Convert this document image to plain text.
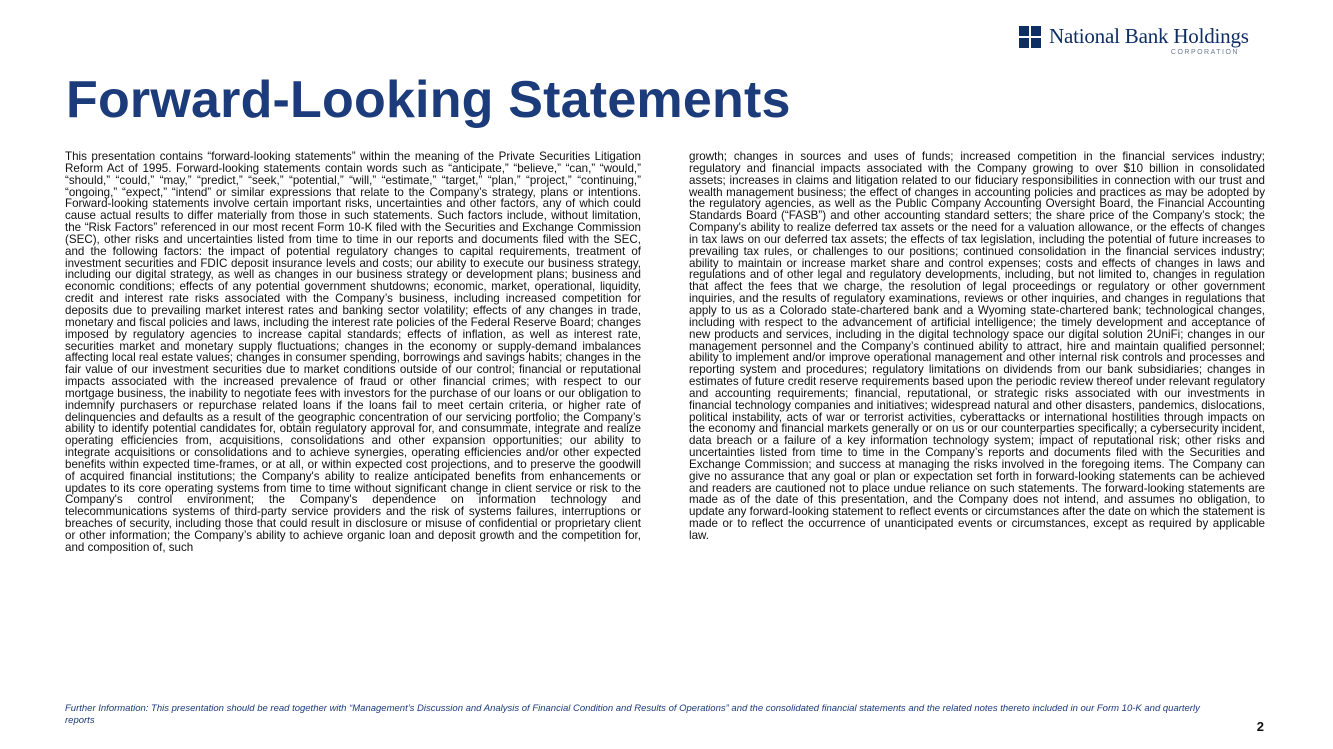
National Bank Holdings
CORPORATION
Forward-Looking Statements
This presentation contains “forward-looking statements” within the meaning of the Private Securities Litigation Reform Act of 1995. Forward-looking statements contain words such as “anticipate,” “believe,” “can,” “would,” “should,” “could,” “may,” “predict,” “seek,” “potential,” “will,” “estimate,” “target,” “plan,” “project,” “continuing,” “ongoing,” “expect,” “intend” or similar expressions that relate to the Company’s strategy, plans or intentions. Forward-looking statements involve certain important risks, uncertainties and other factors, any of which could cause actual results to differ materially from those in such statements. Such factors include, without limitation, the “Risk Factors” referenced in our most recent Form 10-K filed with the Securities and Exchange Commission (SEC), other risks and uncertainties listed from time to time in our reports and documents filed with the SEC, and the following factors: the impact of potential regulatory changes to capital requirements, treatment of investment securities and FDIC deposit insurance levels and costs; our ability to execute our business strategy, including our digital strategy, as well as changes in our business strategy or development plans; business and economic conditions; effects of any potential government shutdowns; economic, market, operational, liquidity, credit and interest rate risks associated with the Company’s business, including increased competition for deposits due to prevailing market interest rates and banking sector volatility; effects of any changes in trade, monetary and fiscal policies and laws, including the interest rate policies of the Federal Reserve Board; changes imposed by regulatory agencies to increase capital standards; effects of inflation, as well as interest rate, securities market and monetary supply fluctuations; changes in the economy or supply-demand imbalances affecting local real estate values; changes in consumer spending, borrowings and savings habits; changes in the fair value of our investment securities due to market conditions outside of our control; financial or reputational impacts associated with the increased prevalence of fraud or other financial crimes; with respect to our mortgage business, the inability to negotiate fees with investors for the purchase of our loans or our obligation to indemnify purchasers or repurchase related loans if the loans fail to meet certain criteria, or higher rate of delinquencies and defaults as a result of the geographic concentration of our servicing portfolio; the Company’s ability to identify potential candidates for, obtain regulatory approval for, and consummate, integrate and realize operating efficiencies from, acquisitions, consolidations and other expansion opportunities; our ability to integrate acquisitions or consolidations and to achieve synergies, operating efficiencies and/or other expected benefits within expected time-frames, or at all, or within expected cost projections, and to preserve the goodwill of acquired financial institutions; the Company's ability to realize anticipated benefits from enhancements or updates to its core operating systems from time to time without significant change in client service or risk to the Company's control environment; the Company's dependence on information technology and telecommunications systems of third-party service providers and the risk of systems failures, interruptions or breaches of security, including those that could result in disclosure or misuse of confidential or proprietary client or other information; the Company’s ability to achieve organic loan and deposit growth and the competition for, and composition of, such
growth; changes in sources and uses of funds; increased competition in the financial services industry; regulatory and financial impacts associated with the Company growing to over $10 billion in consolidated assets; increases in claims and litigation related to our fiduciary responsibilities in connection with our trust and wealth management business; the effect of changes in accounting policies and practices as may be adopted by the regulatory agencies, as well as the Public Company Accounting Oversight Board, the Financial Accounting Standards Board (“FASB”) and other accounting standard setters; the share price of the Company’s stock; the Company's ability to realize deferred tax assets or the need for a valuation allowance, or the effects of changes in tax laws on our deferred tax assets; the effects of tax legislation, including the potential of future increases to prevailing tax rules, or challenges to our positions; continued consolidation in the financial services industry; ability to maintain or increase market share and control expenses; costs and effects of changes in laws and regulations and of other legal and regulatory developments, including, but not limited to, changes in regulation that affect the fees that we charge, the resolution of legal proceedings or regulatory or other government inquiries, and the results of regulatory examinations, reviews or other inquiries, and changes in regulations that apply to us as a Colorado state-chartered bank and a Wyoming state-chartered bank; technological changes, including with respect to the advancement of artificial intelligence; the timely development and acceptance of new products and services, including in the digital technology space our digital solution 2UniFi; changes in our management personnel and the Company’s continued ability to attract, hire and maintain qualified personnel; ability to implement and/or improve operational management and other internal risk controls and processes and reporting system and procedures; regulatory limitations on dividends from our bank subsidiaries; changes in estimates of future credit reserve requirements based upon the periodic review thereof under relevant regulatory and accounting requirements; financial, reputational, or strategic risks associated with our investments in financial technology companies and initiatives; widespread natural and other disasters, pandemics, dislocations, political instability, acts of war or terrorist activities, cyberattacks or international hostilities through impacts on the economy and financial markets generally or on us or our counterparties specifically; a cybersecurity incident, data breach or a failure of a key information technology system; impact of reputational risk; other risks and uncertainties listed from time to time in the Company’s reports and documents filed with the Securities and Exchange Commission; and success at managing the risks involved in the foregoing items. The Company can give no assurance that any goal or plan or expectation set forth in forward-looking statements can be achieved and readers are cautioned not to place undue reliance on such statements. The forward-looking statements are made as of the date of this presentation, and the Company does not intend, and assumes no obligation, to update any forward-looking statement to reflect events or circumstances after the date on which the statement is made or to reflect the occurrence of unanticipated events or circumstances, except as required by applicable law.
Further Information: This presentation should be read together with “Management’s Discussion and Analysis of Financial Condition and Results of Operations” and the consolidated financial statements and the related notes thereto included in our Form 10-K and quarterly reports	2
